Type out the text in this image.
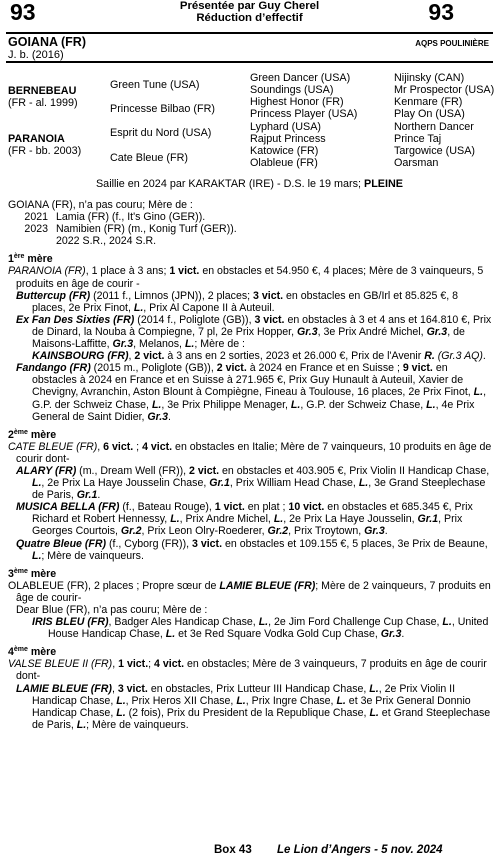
93	Présentée par Guy Cherel
Réduction d’effectif	93
GOIANA (FR)
J. b. (2016)
AQPS POULINIÈRE
BERNEBEAU
(FR - al. 1999)
PARANOIA
(FR - bb. 2003)
Green Tune (USA)
Princesse Bilbao (FR)
Esprit du Nord (USA)
Cate Bleue (FR)
Green Dancer (USA)
Soundings (USA)
Highest Honor (FR)
Princess Player (USA)
Lyphard (USA)
Rajput Princess
Katowice (FR)
Olableue (FR)
Nijinsky (CAN)
Mr Prospector (USA)
Kenmare (FR)
Play On (USA)
Northern Dancer
Prince Taj
Targowice (USA)
Oarsman
Saillie en 2024 par KARAKTAR (IRE) - D.S. le 19 mars; PLEINE
GOIANA (FR), n’a pas couru; Mère de :
2021 Lamia (FR) (f., It's Gino (GER)).
2023 Namibien (FR) (m., Konig Turf (GER)).
2022 S.R., 2024 S.R.
1ère mère
PARANOIA (FR), 1 place à 3 ans; 1 vict. en obstacles et 54.950 €, 4 places; Mère de 3 vainqueurs, 5 produits en âge de courir -
Buttercup (FR) (2011 f., Limnos (JPN)), 2 places; 3 vict. en obstacles en GB/Irl et 85.825 €, 8 places, 2e Prix Finot, L., Prix Al Capone II à Auteuil.
Ex Fan Des Sixties (FR) (2014 f., Poliglote (GB)), 3 vict. en obstacles à 3 et 4 ans et 164.810 €, Prix de Dinard, la Nouba à Compiegne, 7 pl, 2e Prix Hopper, Gr.3, 3e Prix André Michel, Gr.3, de Maisons-Laffitte, Gr.3, Melanos, L.; Mère de :
KAINSBOURG (FR), 2 vict. à 3 ans en 2 sorties, 2023 et 26.000 €, Prix de l'Avenir R. (Gr.3 AQ).
Fandango (FR) (2015 m., Poliglote (GB)), 2 vict. à 2024 en France et en Suisse ; 9 vict. en obstacles à 2024 en France et en Suisse à 271.965 €, Prix Guy Hunault à Auteuil, Xavier de Chevigny, Avranchin, Aston Blount à Compiègne, Fineau à Toulouse, 16 places, 2e Prix Finot, L., G.P. der Schweiz Chase, L., 3e Prix Philippe Menager, L., G.P. der Schweiz Chase, L., 4e Prix General de Saint Didier, Gr.3.
2ème mère
CATE BLEUE (FR), 6 vict. ; 4 vict. en obstacles en Italie; Mère de 7 vainqueurs, 10 produits en âge de courir dont-
ALARY (FR) (m., Dream Well (FR)), 2 vict. en obstacles et 403.905 €, Prix Violin II Handicap Chase, L., 2e Prix La Haye Jousselin Chase, Gr.1, Prix William Head Chase, L., 3e Grand Steeplechase de Paris, Gr.1.
MUSICA BELLA (FR) (f., Bateau Rouge), 1 vict. en plat ; 10 vict. en obstacles et 685.345 €, Prix Richard et Robert Hennessy, L., Prix Andre Michel, L., 2e Prix La Haye Jousselin, Gr.1, Prix Georges Courtois, Gr.2, Prix Leon Olry-Roederer, Gr.2, Prix Troytown, Gr.3.
Quatre Bleue (FR) (f., Cyborg (FR)), 3 vict. en obstacles et 109.155 €, 5 places, 3e Prix de Beaune, L.; Mère de vainqueurs.
3ème mère
OLABLEUE (FR), 2 places ; Propre sœur de LAMIE BLEUE (FR); Mère de 2 vainqueurs, 7 produits en âge de courir-
Dear Blue (FR), n’a pas couru; Mère de :
IRIS BLEU (FR), Badger Ales Handicap Chase, L., 2e Jim Ford Challenge Cup Chase, L., United House Handicap Chase, L. et 3e Red Square Vodka Gold Cup Chase, Gr.3.
4ème mère
VALSE BLEUE II (FR), 1 vict.; 4 vict. en obstacles; Mère de 3 vainqueurs, 7 produits en âge de courir dont-
LAMIE BLEUE (FR), 3 vict. en obstacles, Prix Lutteur III Handicap Chase, L., 2e Prix Violin II Handicap Chase, L., Prix Heros XII Chase, L., Prix Ingre Chase, L. et 3e Prix General Donnio Handicap Chase, L. (2 fois), Prix du President de la Republique Chase, L. et Grand Steeplechase de Paris, L.; Mère de vainqueurs.
Box 43 Le Lion d’Angers - 5 nov. 2024
